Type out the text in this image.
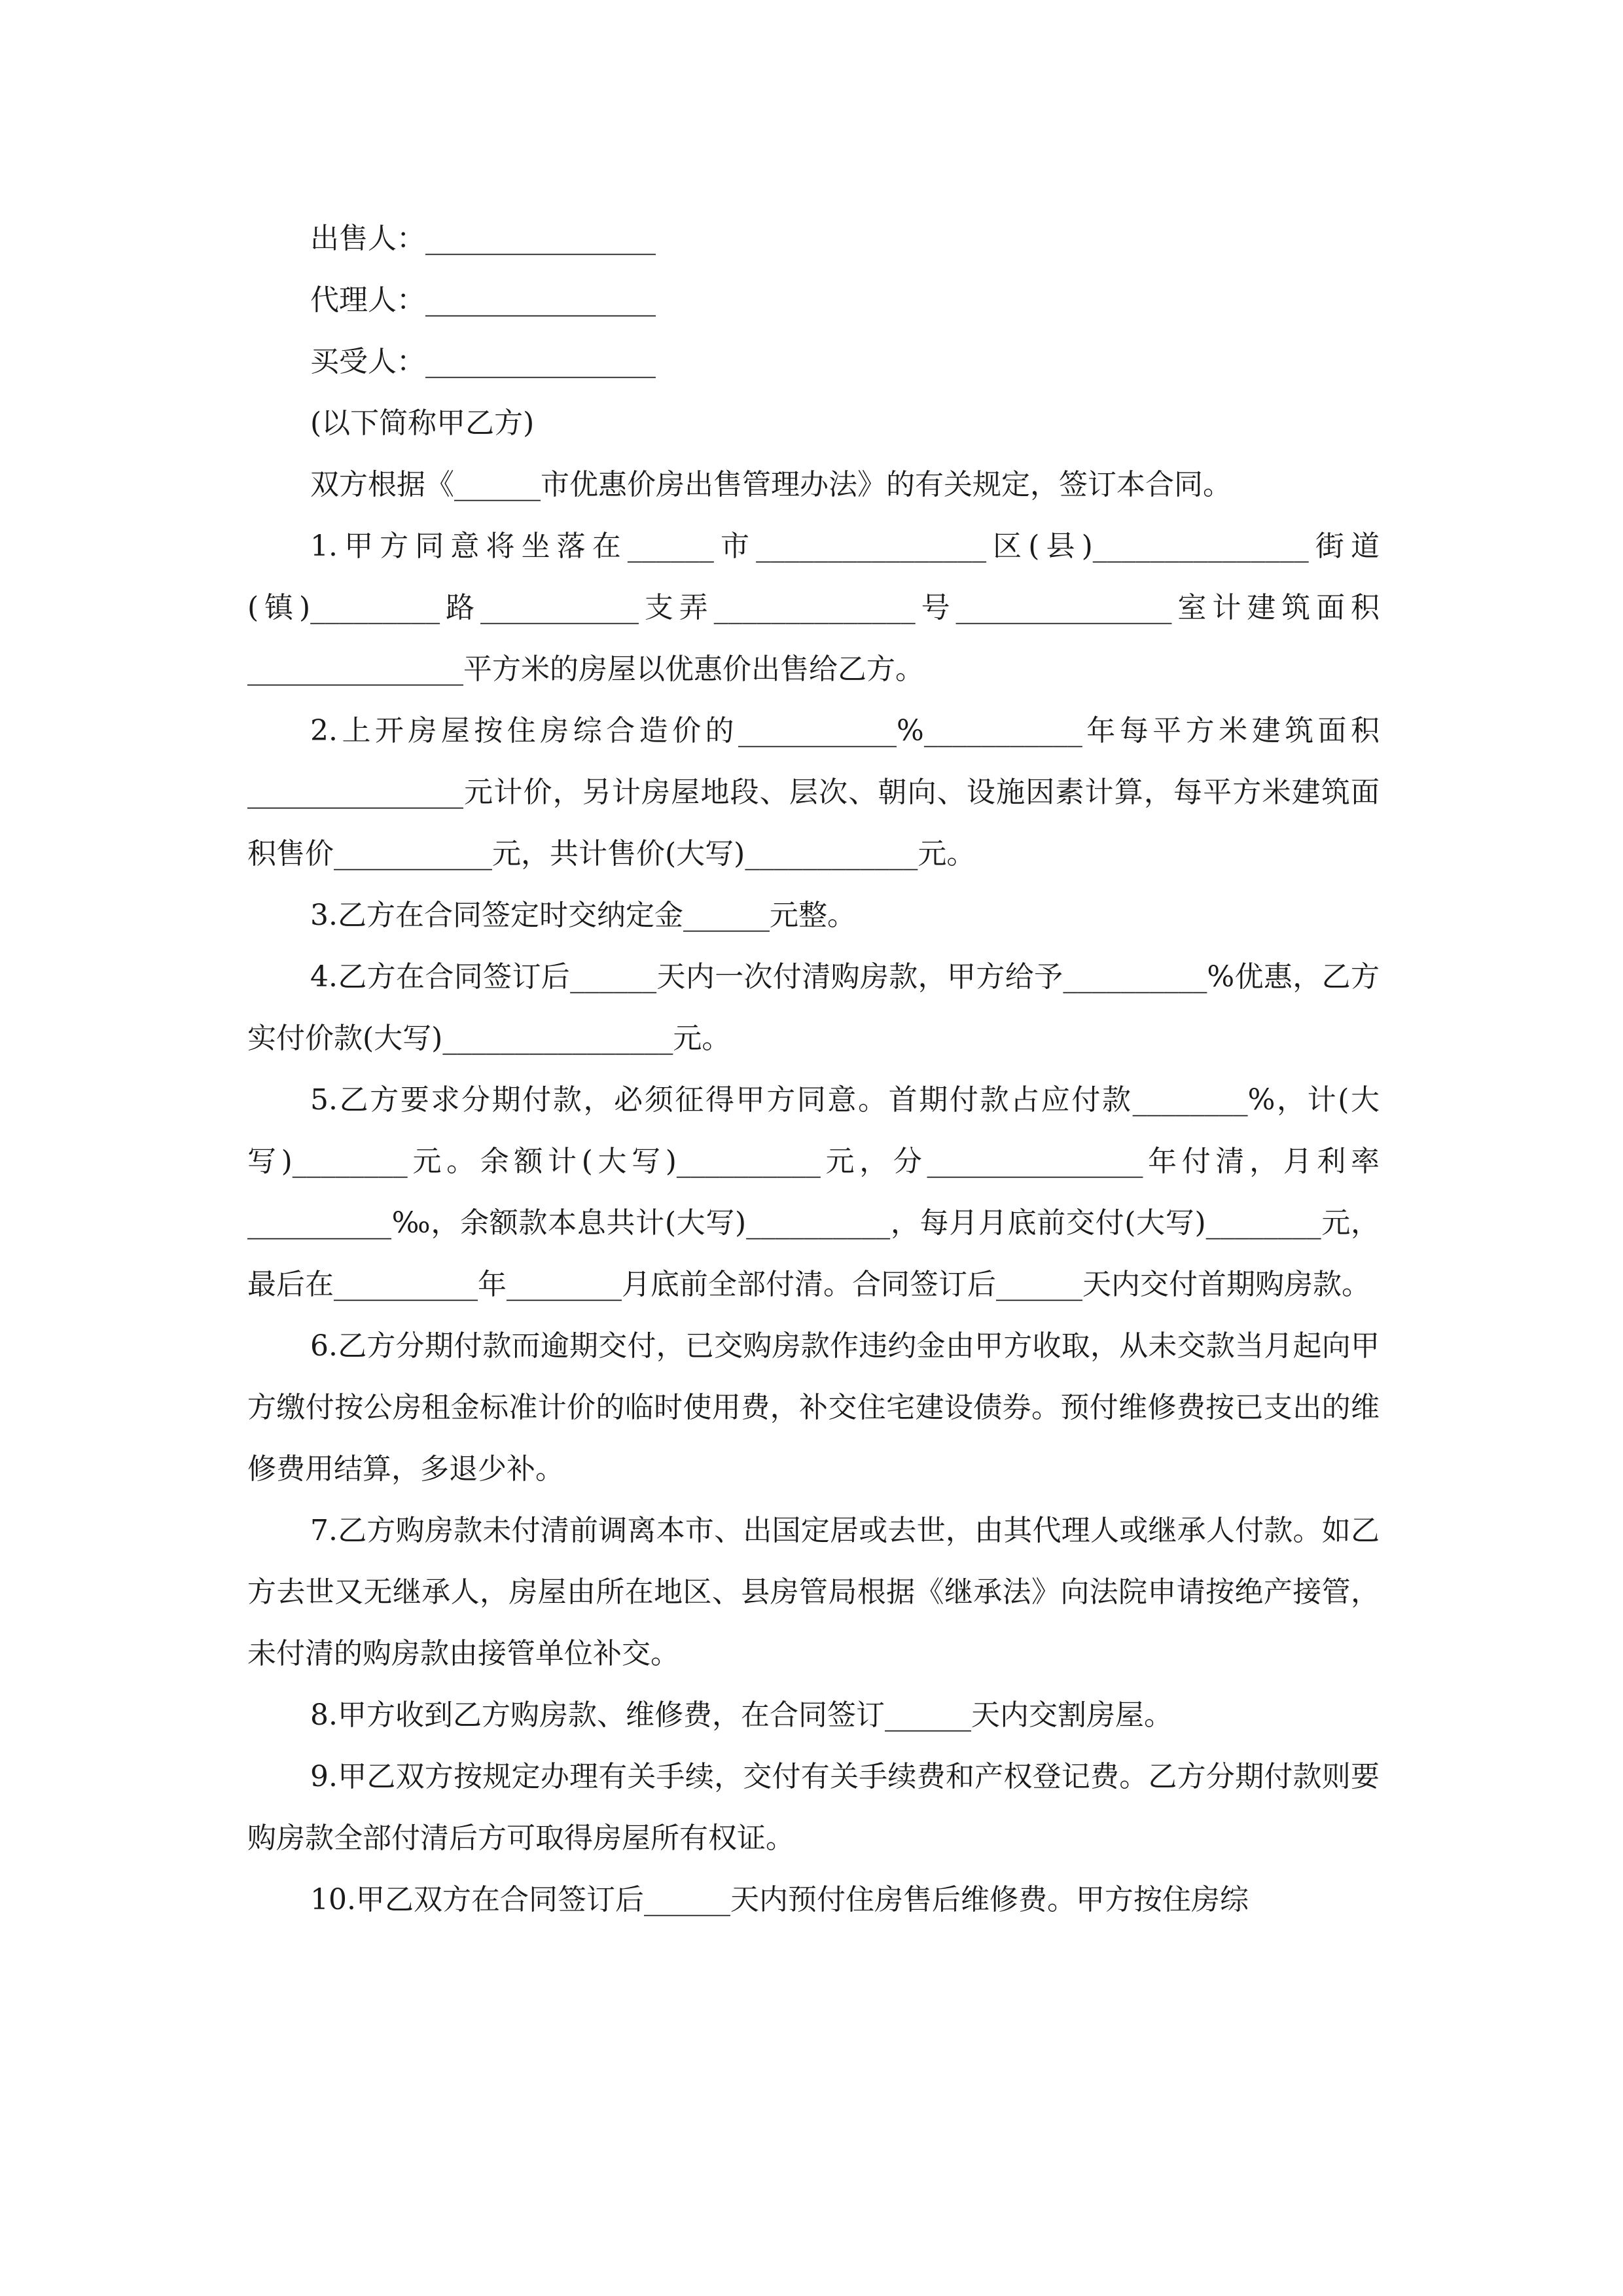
出售人：________________

代理人：________________

买受人：________________

(以下简称甲乙方)

双方根据《______市优惠价房出售管理办法》的有关规定，签订本合同。

1.甲方同意将坐落在______市________________区(县)_______________街道(镇)_________路___________支弄______________号_______________室计建筑面积_______________平方米的房屋以优惠价出售给乙方。

2.上开房屋按住房综合造价的___________%___________年每平方米建筑面积_______________元计价，另计房屋地段、层次、朝向、设施因素计算，每平方米建筑面积售价___________元，共计售价(大写)____________元。

3.乙方在合同签定时交纳定金______元整。

4.乙方在合同签订后______天内一次付清购房款，甲方给予__________%优惠，乙方实付价款(大写)________________元。

5.乙方要求分期付款，必须征得甲方同意。首期付款占应付款________%，计(大写)________元。余额计(大写)__________元，分_______________年付清，月利率__________‰，余额款本息共计(大写)__________，每月月底前交付(大写)________元，最后在__________年________月底前全部付清。合同签订后______天内交付首期购房款。

6.乙方分期付款而逾期交付，已交购房款作违约金由甲方收取，从未交款当月起向甲方缴付按公房租金标准计价的临时使用费，补交住宅建设债券。预付维修费按已支出的维修费用结算，多退少补。

7.乙方购房款未付清前调离本市、出国定居或去世，由其代理人或继承人付款。如乙方去世又无继承人，房屋由所在地区、县房管局根据《继承法》向法院申请按绝产接管，未付清的购房款由接管单位补交。

8.甲方收到乙方购房款、维修费，在合同签订______天内交割房屋。

9.甲乙双方按规定办理有关手续，交付有关手续费和产权登记费。乙方分期付款则要购房款全部付清后方可取得房屋所有权证。

10.甲乙双方在合同签订后______天内预付住房售后维修费。甲方按住房综
